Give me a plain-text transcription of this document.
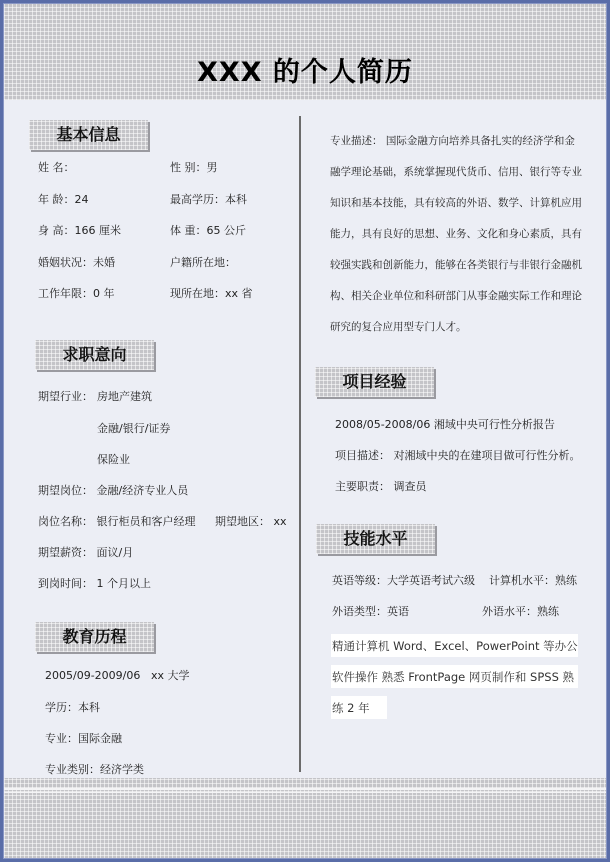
XXX 的个人简历
基本信息
姓 名：	性 别：男
年 龄：24	最高学历：本科
身 高：166 厘米	体 重：65 公斤
婚姻状况：未婚	户籍所在地：
工作年限：0 年	现所在地：xx 省
求职意向
期望行业： 房地产建筑
金融/银行/证券
保险业
期望岗位： 金融/经济专业人员
岗位名称： 银行柜员和客户经理 期望地区： xx
期望薪资： 面议/月
到岗时间： 1 个月以上
教育历程
2005/09-2009/06 xx 大学
学历：本科
专业：国际金融
专业类别：经济学类
专业描述： 国际金融方向培养具备扎实的经济学和金融学理论基础，系统掌握现代货币、信用、银行等专业知识和基本技能，具有较高的外语、数学、计算机应用能力，具有良好的思想、业务、文化和身心素质，具有较强实践和创新能力，能够在各类银行与非银行金融机构、相关企业单位和科研部门从事金融实际工作和理论研究的复合应用型专门人才。
项目经验
2008/05-2008/06 湘域中央可行性分析报告
项目描述： 对湘域中央的在建项目做可行性分析。
主要职责： 调查员
技能水平
英语等级：大学英语考试六级 计算机水平：熟练
外语类型：英语	外语水平：熟练
精通计算机 Word、Excel、PowerPoint 等办公软件操作 熟悉 FrontPage 网页制作和 SPSS 熟练 2 年
